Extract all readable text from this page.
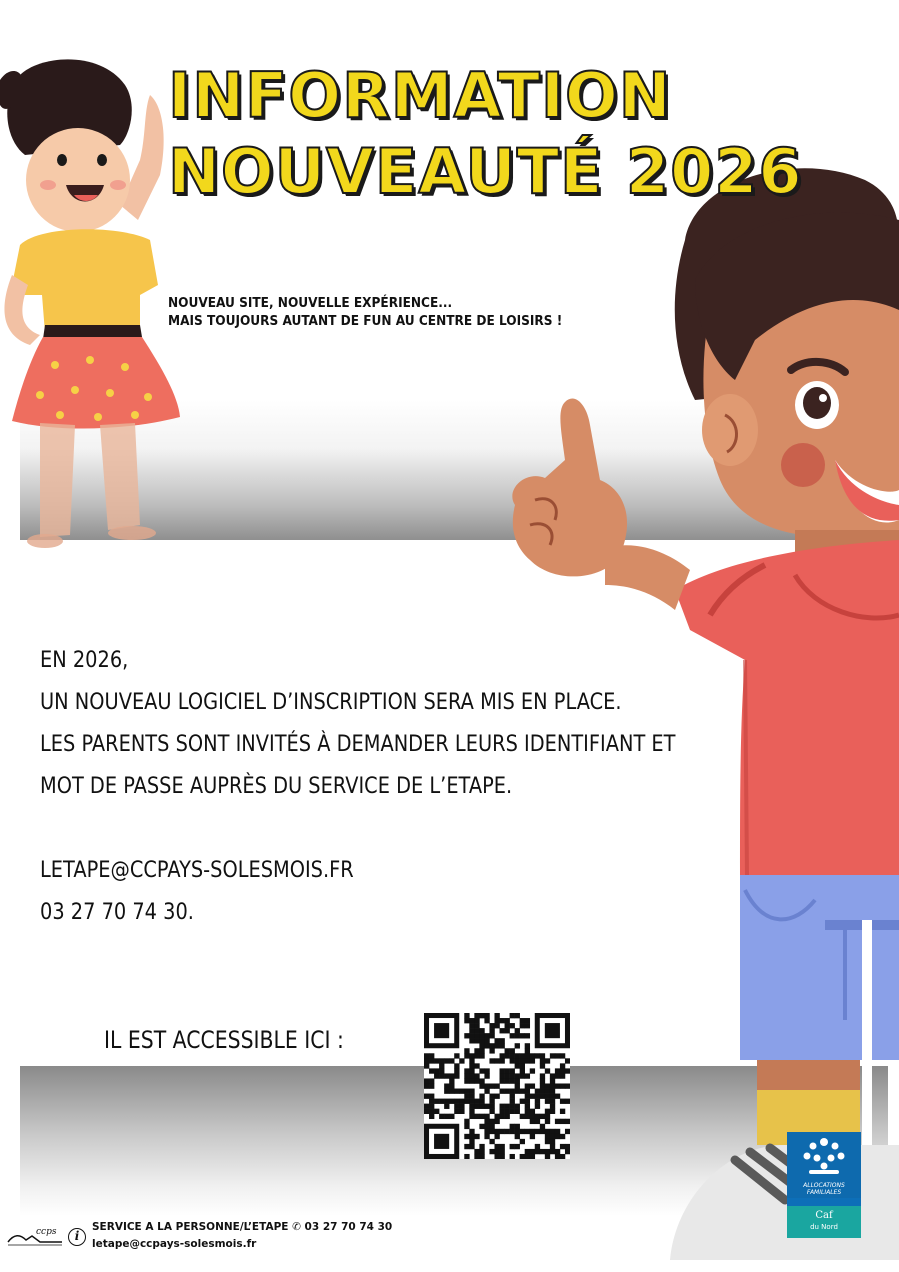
INFORMATION
NOUVEAUTÉ 2026
NOUVEAU SITE, NOUVELLE EXPÉRIENCE...
MAIS TOUJOURS AUTANT DE FUN AU CENTRE DE LOISIRS !
EN 2026,
UN NOUVEAU LOGICIEL D’INSCRIPTION SERA MIS EN PLACE.
LES PARENTS SONT INVITÉS À DEMANDER LEURS IDENTIFIANT ET
MOT DE PASSE AUPRÈS DU SERVICE DE L’ETAPE.
LETAPE@CCPAYS-SOLESMOIS.FR
03 27 70 74 30.
IL EST ACCESSIBLE ICI :
ALLOCATIONS
FAMILIALES
Caf
du Nord
ccps	i
SERVICE A LA PERSONNE/L’ETAPE ✆ 03 27 70 74 30
letape@ccpays-solesmois.fr
